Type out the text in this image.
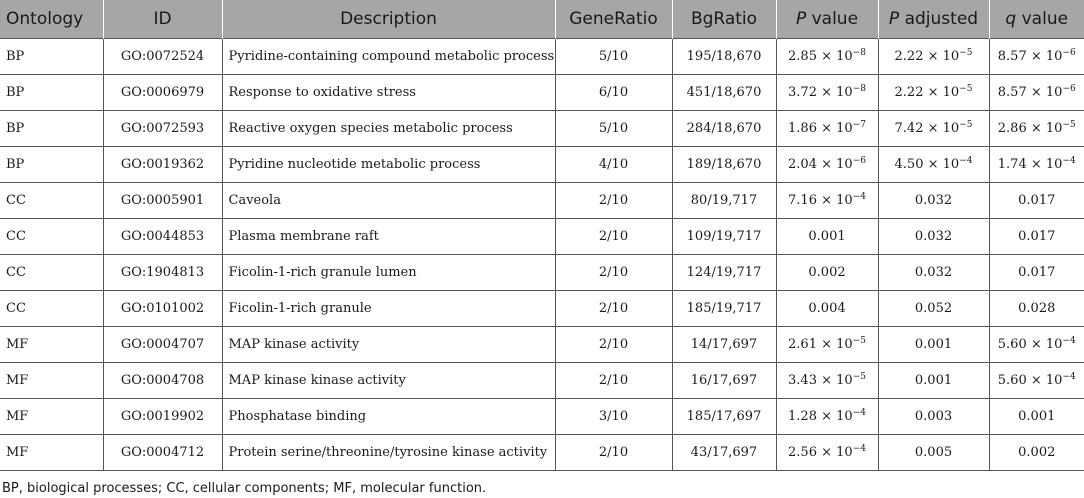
Ontology	ID	Description	GeneRatio	BgRatio	P value	P adjusted	q value
BP	GO:0072524	Pyridine-containing compound metabolic process	5/10	195/18,670	$2.85 \times 10^{-8}$	$2.22 \times 10^{-5}$	$8.57 \times 10^{-6}$
BP	GO:0006979	Response to oxidative stress	6/10	451/18,670	$3.72 \times 10^{-8}$	$2.22 \times 10^{-5}$	$8.57 \times 10^{-6}$
BP	GO:0072593	Reactive oxygen species metabolic process	5/10	284/18,670	$1.86 \times 10^{-7}$	$7.42 \times 10^{-5}$	$2.86 \times 10^{-5}$
BP	GO:0019362	Pyridine nucleotide metabolic process	4/10	189/18,670	$2.04 \times 10^{-6}$	$4.50 \times 10^{-4}$	$1.74 \times 10^{-4}$
CC	GO:0005901	Caveola	2/10	80/19,717	$7.16 \times 10^{-4}$	0.032	0.017
CC	GO:0044853	Plasma membrane raft	2/10	109/19,717	0.001	0.032	0.017
CC	GO:1904813	Ficolin-1-rich granule lumen	2/10	124/19,717	0.002	0.032	0.017
CC	GO:0101002	Ficolin-1-rich granule	2/10	185/19,717	0.004	0.052	0.028
MF	GO:0004707	MAP kinase activity	2/10	14/17,697	$2.61 \times 10^{-5}$	0.001	$5.60 \times 10^{-4}$
MF	GO:0004708	MAP kinase kinase activity	2/10	16/17,697	$3.43 \times 10^{-5}$	0.001	$5.60 \times 10^{-4}$
MF	GO:0019902	Phosphatase binding	3/10	185/17,697	$1.28 \times 10^{-4}$	0.003	0.001
MF	GO:0004712	Protein serine/threonine/tyrosine kinase activity	2/10	43/17,697	$2.56 \times 10^{-4}$	0.005	0.002
BP, biological processes; CC, cellular components; MF, molecular function.
